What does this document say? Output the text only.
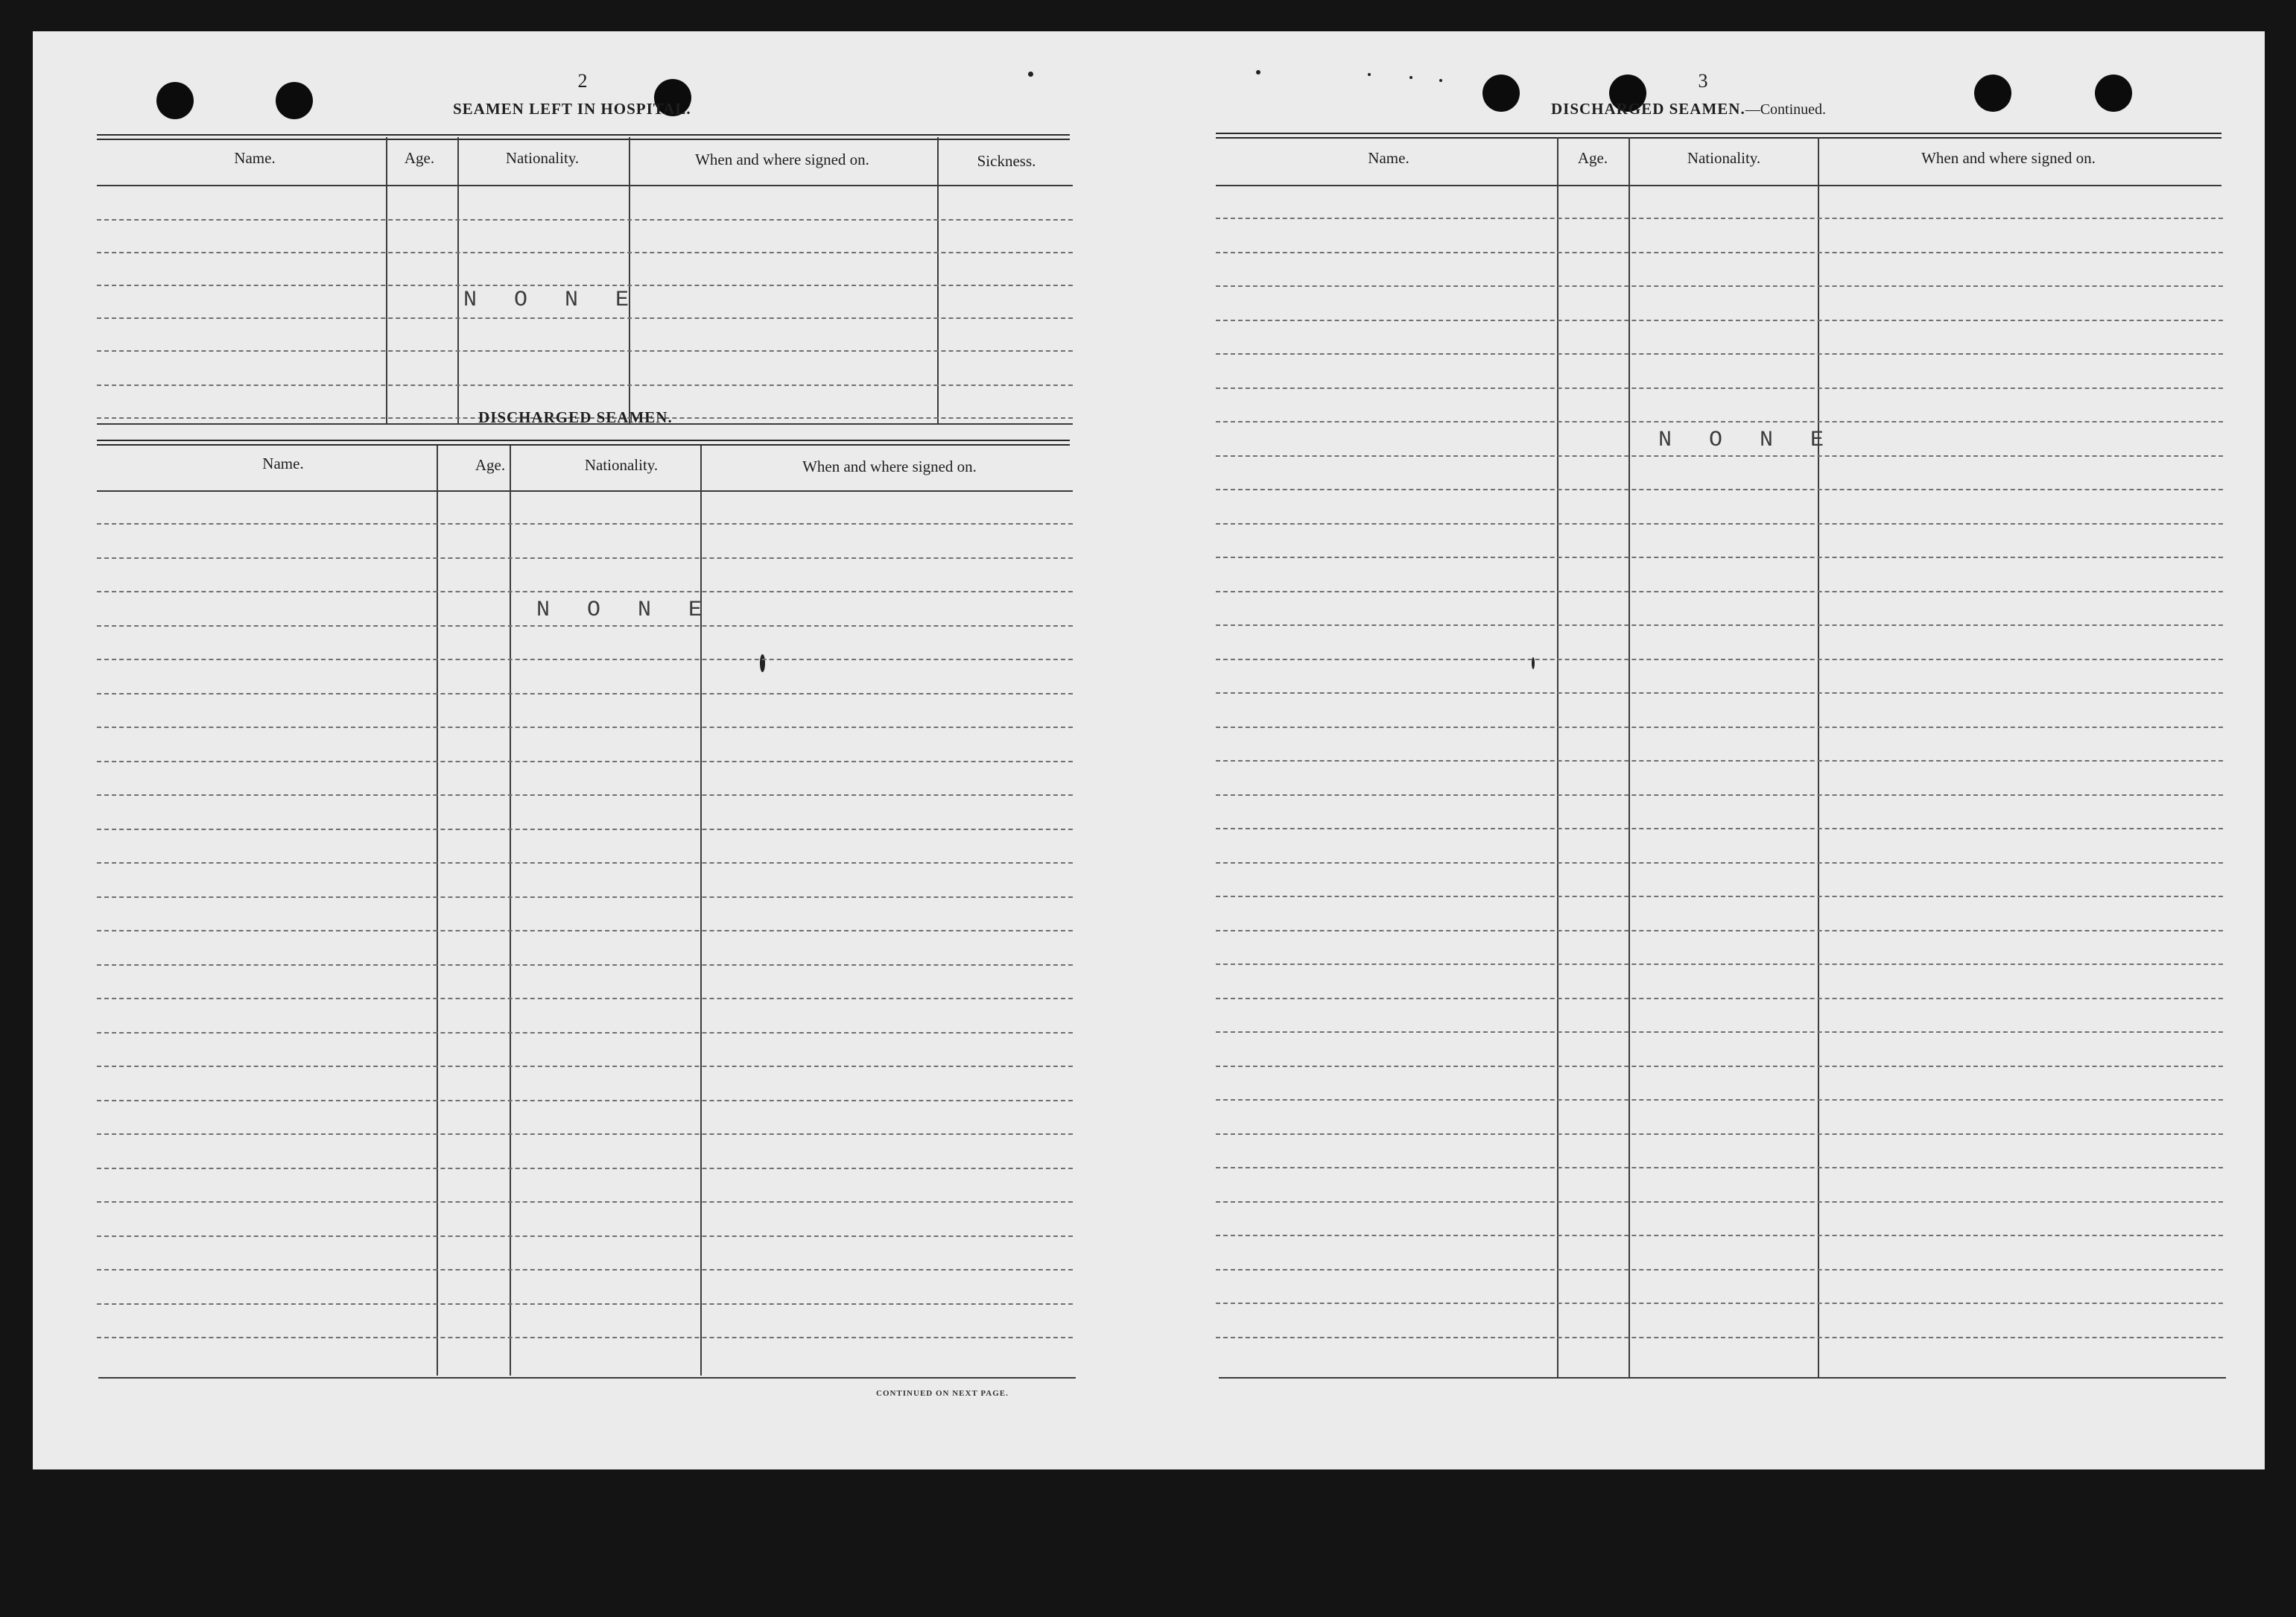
2
SEAMEN LEFT IN HOSPITAL.
Name.	Age.	Nationality.	When and where signed on.	Sickness.
N O N E
DISCHARGED SEAMEN.
Name.	Age.	Nationality.	When and where signed on.
N O N E
CONTINUED ON NEXT PAGE.
3
DISCHARGED SEAMEN.—Continued.
Name.	Age.	Nationality.	When and where signed on.
N O N E
